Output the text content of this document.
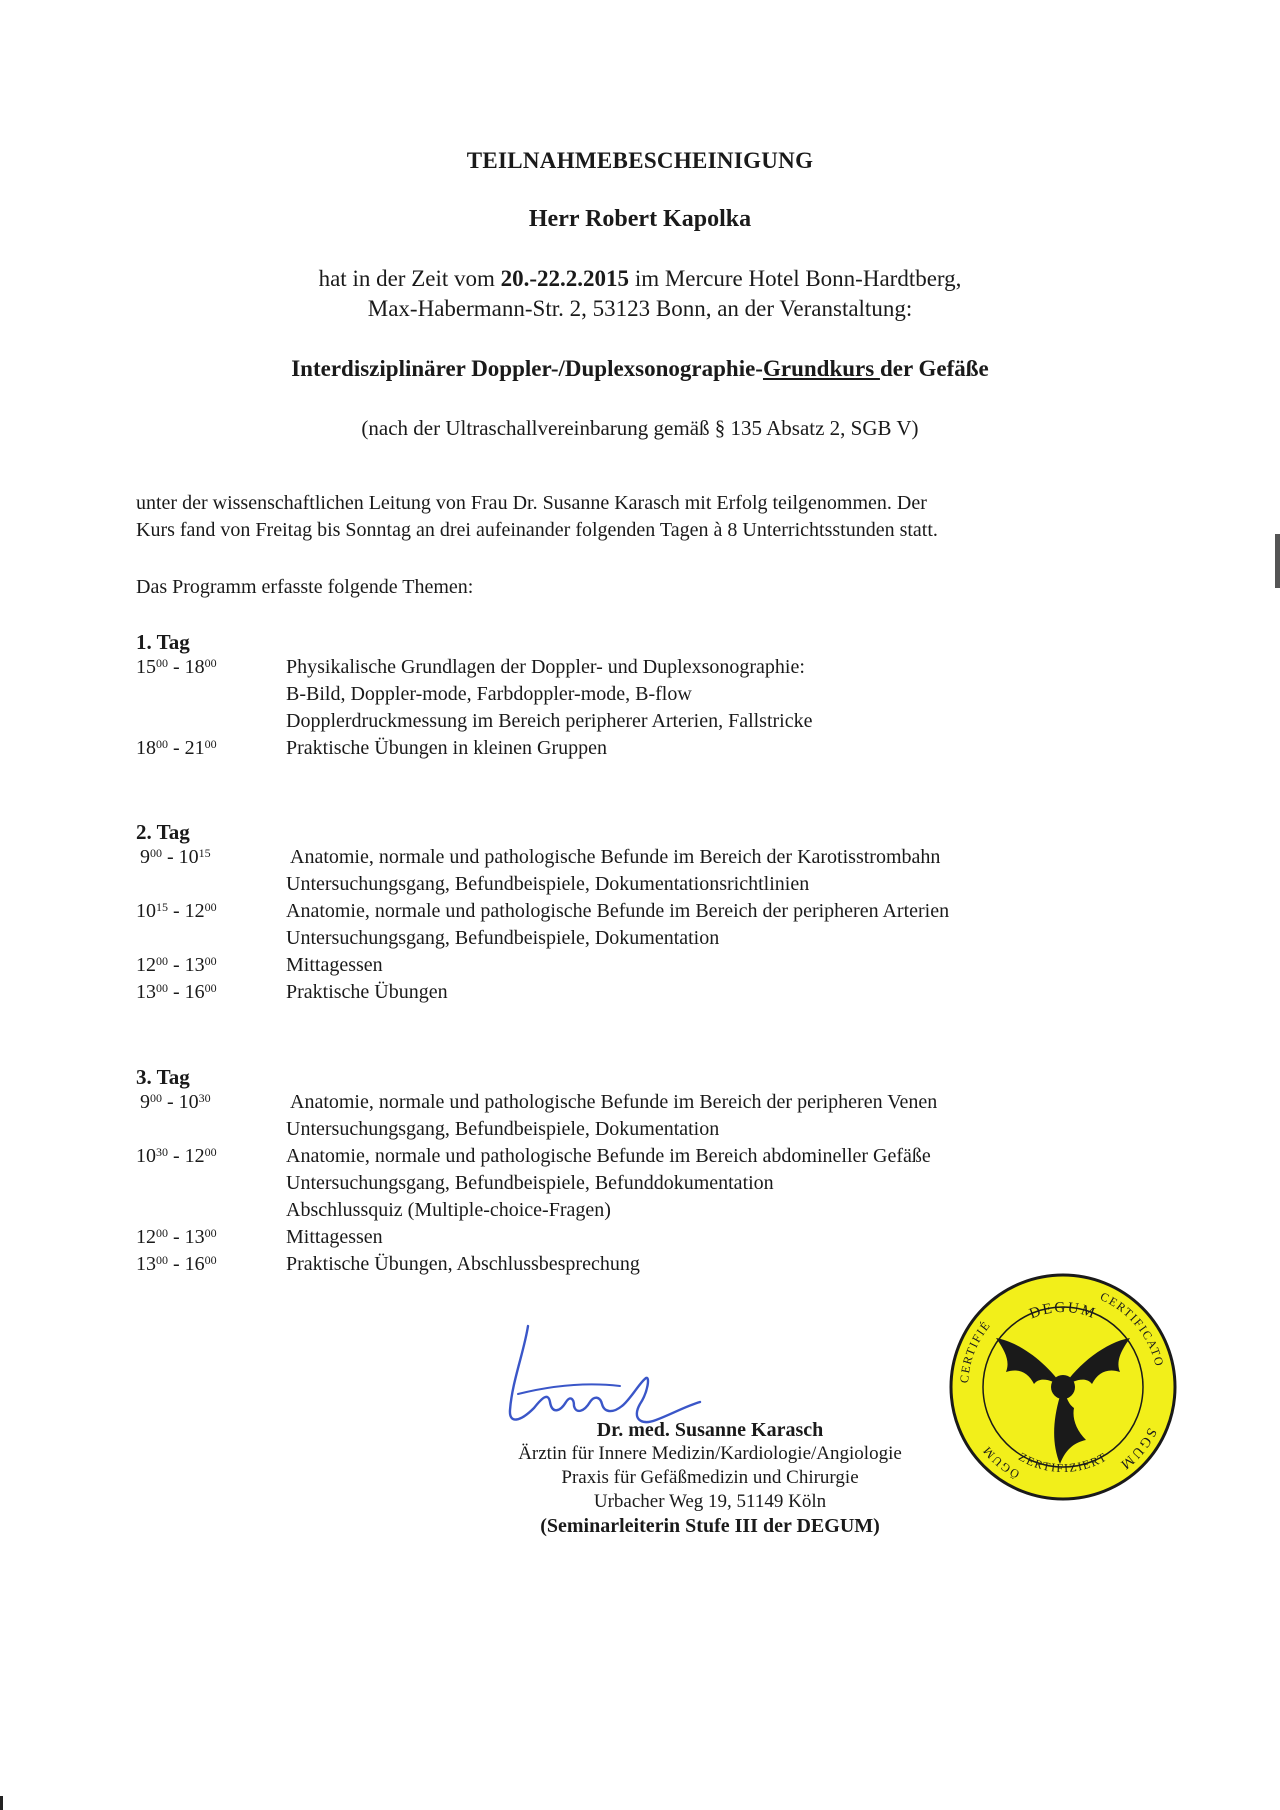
TEILNAHMEBESCHEINIGUNG
Herr Robert Kapolka
hat in der Zeit vom 20.-22.2.2015 im Mercure Hotel Bonn-Hardtberg,
Max-Habermann-Str. 2, 53123 Bonn, an der Veranstaltung:
Interdisziplinärer Doppler-/Duplexsonographie-Grundkurs der Gefäße
(nach der Ultraschallvereinbarung gemäß § 135 Absatz 2, SGB V)
unter der wissenschaftlichen Leitung von Frau Dr. Susanne Karasch mit Erfolg teilgenommen. Der
Kurs fand von Freitag bis Sonntag an drei aufeinander folgenden Tagen à 8 Unterrichtsstunden statt.
Das Programm erfasste folgende Themen:
1. Tag
$15^{00} - 18^{00}$	Physikalische Grundlagen der Doppler- und Duplexsonographie:
B-Bild, Doppler-mode, Farbdoppler-mode, B-flow
Dopplerdruckmessung im Bereich peripherer Arterien, Fallstricke
$18^{00} - 21^{00}$	Praktische Übungen in kleinen Gruppen
2. Tag
$9^{00} - 10^{15}$	Anatomie, normale und pathologische Befunde im Bereich der Karotisstrombahn
Untersuchungsgang, Befundbeispiele, Dokumentationsrichtlinien
$10^{15} - 12^{00}$	Anatomie, normale und pathologische Befunde im Bereich der peripheren Arterien
Untersuchungsgang, Befundbeispiele, Dokumentation
$12^{00} - 13^{00}$	Mittagessen
$13^{00} - 16^{00}$	Praktische Übungen
3. Tag
$9^{00} - 10^{30}$	Anatomie, normale und pathologische Befunde im Bereich der peripheren Venen
Untersuchungsgang, Befundbeispiele, Dokumentation
$10^{30} - 12^{00}$	Anatomie, normale und pathologische Befunde im Bereich abdomineller Gefäße
Untersuchungsgang, Befundbeispiele, Befunddokumentation
Abschlussquiz (Multiple-choice-Fragen)
$12^{00} - 13^{00}$	Mittagessen
$13^{00} - 16^{00}$	Praktische Übungen, Abschlussbesprechung
Dr. med. Susanne Karasch
Ärztin für Innere Medizin/Kardiologie/Angiologie
Praxis für Gefäßmedizin und Chirurgie
Urbacher Weg 19, 51149 Köln
(Seminarleiterin Stufe III der DEGUM)
DEGUM
ZERTIFIZIERT
CERTIFIÉ
ÖGUM
CERTIFICATO
SGUM
